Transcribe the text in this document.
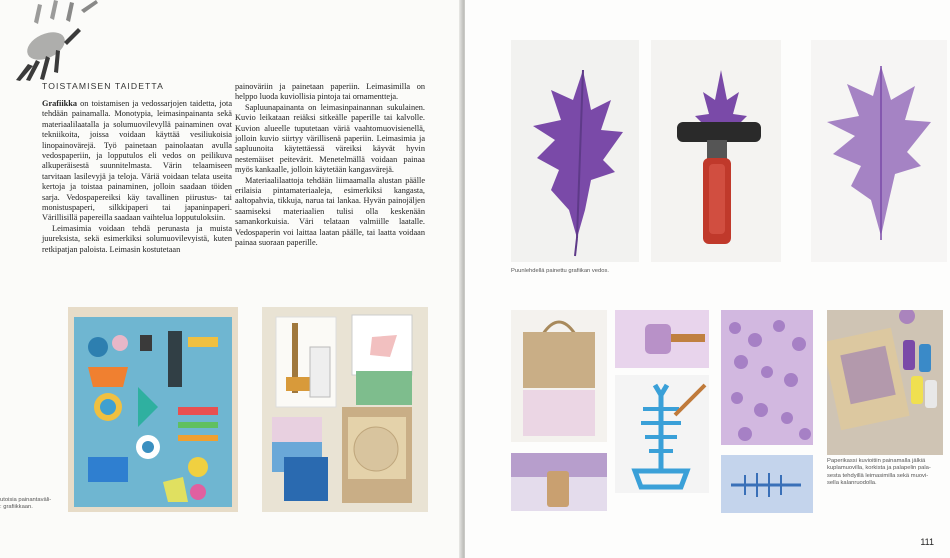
TOISTAMISEN TAIDETTA

Grafiikka on toistamisen ja vedossarjojen taidetta, jota tehdään painamalla. Monotypia, leimasinpainanta sekä materiaalilaatalla ja solumuovilevyllä painaminen ovat tekniikoita, joissa voidaan käyttää vesiliukoisia linopainovärejä. Työ painetaan painolaatan avulla vedospaperiin, ja lopputulos eli vedos on peilikuva alkuperäisestä suunnitelmasta. Värin telaamiseen tarvitaan lasilevyjä ja teloja. Väriä voidaan telata useita kertoja ja toistaa painaminen, jolloin saadaan töiden sarja. Vedospapereiksi käy tavallinen piirustus- tai monistuspaperi, silkkipaperi tai japaninpaperi. Värillisillä papereilla saadaan vaihtelua lopputuloksiin.

Leimasimia voidaan tehdä perunasta ja muista juureksista, sekä esimerkiksi solumuovilevyistä, kuten retkipatjan paloista. Leimasin kostutetaan

painoväriin ja painetaan paperiin. Leimasimilla on helppo luoda kuviollisia pintoja tai ornamentteja.

Sapluunapainanta on leimasinpainannan sukulainen. Kuvio leikataan reiäksi sitkeälle paperille tai kalvolle. Kuvion alueelle tuputetaan väriä vaahtomuovisienellä, jolloin kuvio siirtyy värillisenä paperiin. Leimasimia ja sapluunoita käytettäessä väreiksi käyvät hyvin nestemäiset peitevärit. Menetelmällä voidaan painaa myös kankaalle, jolloin käytetään kangasvärejä.

Materiaalilaattoja tehdään liimaamalla alustan päälle erilaisia pintamateriaaleja, esimerkiksi kangasta, aaltopahvia, tikkuja, narua tai lankaa. Hyvän painojäljen saamiseksi materiaalien tulisi olla keskenään samankorkuisia. Väri telataan valmiille laatalle. Vedospaperin voi laittaa laatan päälle, tai laatta voidaan painaa suoraan paperille.

utoisia painantaväli-
: grafiikkaan.
Puunlehdellä painettu grafiikan vedos.
Paperikassi kuvioitiin painamalla jälkiä
kuplamuovilla, korkista ja palapelin pala-
sesta tehdyillä leimasimilla sekä muovi-
sella kalanruodolla.
111
